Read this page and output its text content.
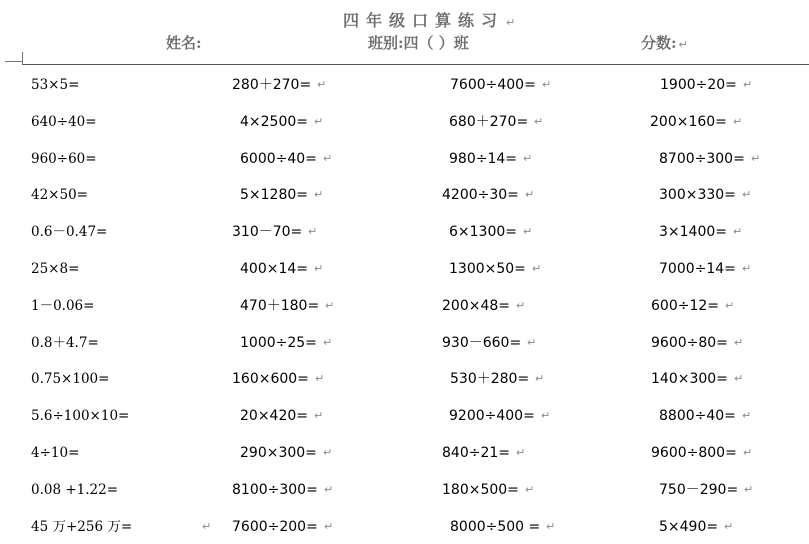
四年级口算练习 ↵
姓名:	班别:四（ ）班	分数: ↵
53×5=	280＋270= ↵	7600÷400= ↵	1900÷20= ↵
640÷40=	4×2500= ↵	680＋270= ↵	200×160= ↵
960÷60=	6000÷40= ↵	980÷14= ↵	8700÷300= ↵
42×50=	5×1280= ↵	4200÷30= ↵	300×330= ↵
0.6－0.47=	310－70= ↵	6×1300= ↵	3×1400= ↵
25×8=	400×14= ↵	1300×50= ↵	7000÷14= ↵
1－0.06=	470＋180= ↵	200×48= ↵	600÷12= ↵
0.8＋4.7=	1000÷25= ↵	930－660= ↵	9600÷80= ↵
0.75×100=	160×600= ↵	530＋280= ↵	140×300= ↵
5.6÷100×10=	20×420= ↵	9200÷400= ↵	8800÷40= ↵
4÷10=	290×300= ↵	840÷21= ↵	9600÷800= ↵
0.08 +1.22=	8100÷300= ↵	180×500= ↵	750－290= ↵
45 万+256 万=	7600÷200= ↵	8000÷500 = ↵	5×490= ↵
↵
